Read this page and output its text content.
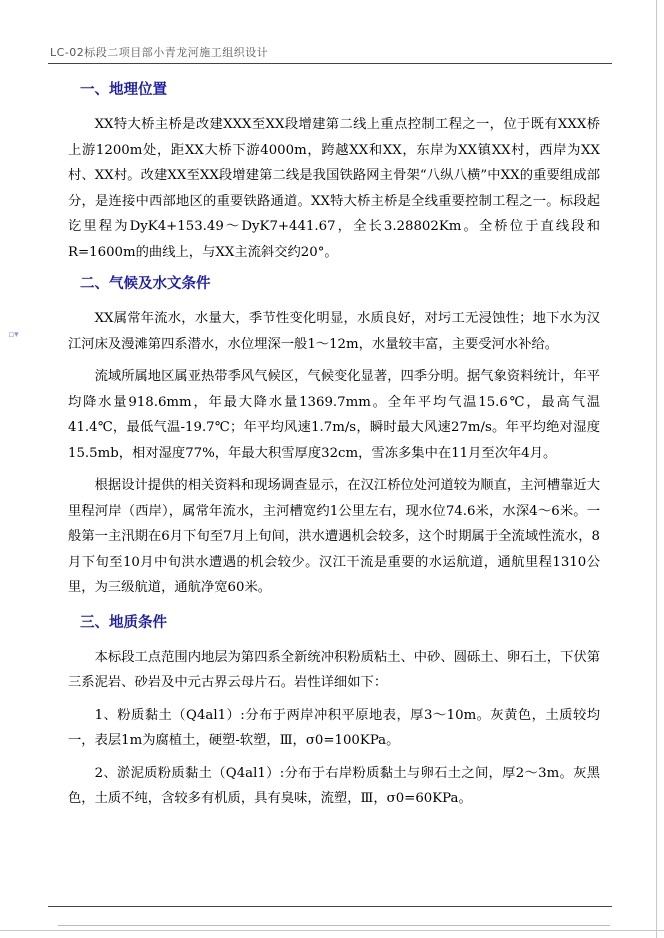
LC-02标段二项目部小青龙河施工组织设计
▫▾
一、地理位置
XX特大桥主桥是改建XXX至XX段增建第二线上重点控制工程之一，位于既有XXX桥上游1200m处，距XX大桥下游4000m，跨越XX和XX，东岸为XX镇XX村，西岸为XX村、XX村。改建XX至XX段增建第二线是我国铁路网主骨架“八纵八横”中XX的重要组成部分，是连接中西部地区的重要铁路通道。XX特大桥主桥是全线重要控制工程之一。标段起讫里程为DyK4+153.49～DyK7+441.67，全长3.28802Km。全桥位于直线段和R=1600m的曲线上，与XX主流斜交约20°。
二、气候及水文条件
XX属常年流水，水量大，季节性变化明显，水质良好，对圬工无浸蚀性；地下水为汉江河床及漫滩第四系潜水，水位埋深一般1～12m，水量较丰富，主要受河水补给。
流域所属地区属亚热带季风气候区，气候变化显著，四季分明。据气象资料统计，年平均降水量918.6mm，年最大降水量1369.7mm。全年平均气温15.6℃，最高气温41.4℃，最低气温-19.7℃；年平均风速1.7m/s，瞬时最大风速27m/s。年平均绝对湿度15.5mb，相对湿度77%，年最大积雪厚度32cm，雪冻多集中在11月至次年4月。
根据设计提供的相关资料和现场调查显示，在汉江桥位处河道较为顺直，主河槽靠近大里程河岸（西岸），属常年流水，主河槽宽约1公里左右，现水位74.6米，水深4～6米。一般第一主汛期在6月下旬至7月上旬间，洪水遭遇机会较多，这个时期属于全流域性流水，8月下旬至10月中旬洪水遭遇的机会较少。汉江干流是重要的水运航道，通航里程1310公里，为三级航道，通航净宽60米。
三、地质条件
本标段工点范围内地层为第四系全新统冲积粉质粘土、中砂、圆砾土、卵石土，下伏第三系泥岩、砂岩及中元古界云母片石。岩性详细如下：
1、粉质黏土（Q4al1）:分布于两岸冲积平原地表，厚3～10m。灰黄色，土质较均一，表层1m为腐植土，硬塑-软塑，Ⅲ，σ0=100KPa。
2、淤泥质粉质黏土（Q4al1）:分布于右岸粉质黏土与卵石土之间，厚2～3m。灰黑色，土质不纯，含较多有机质，具有臭味，流塑，Ⅲ，σ0=60KPa。
